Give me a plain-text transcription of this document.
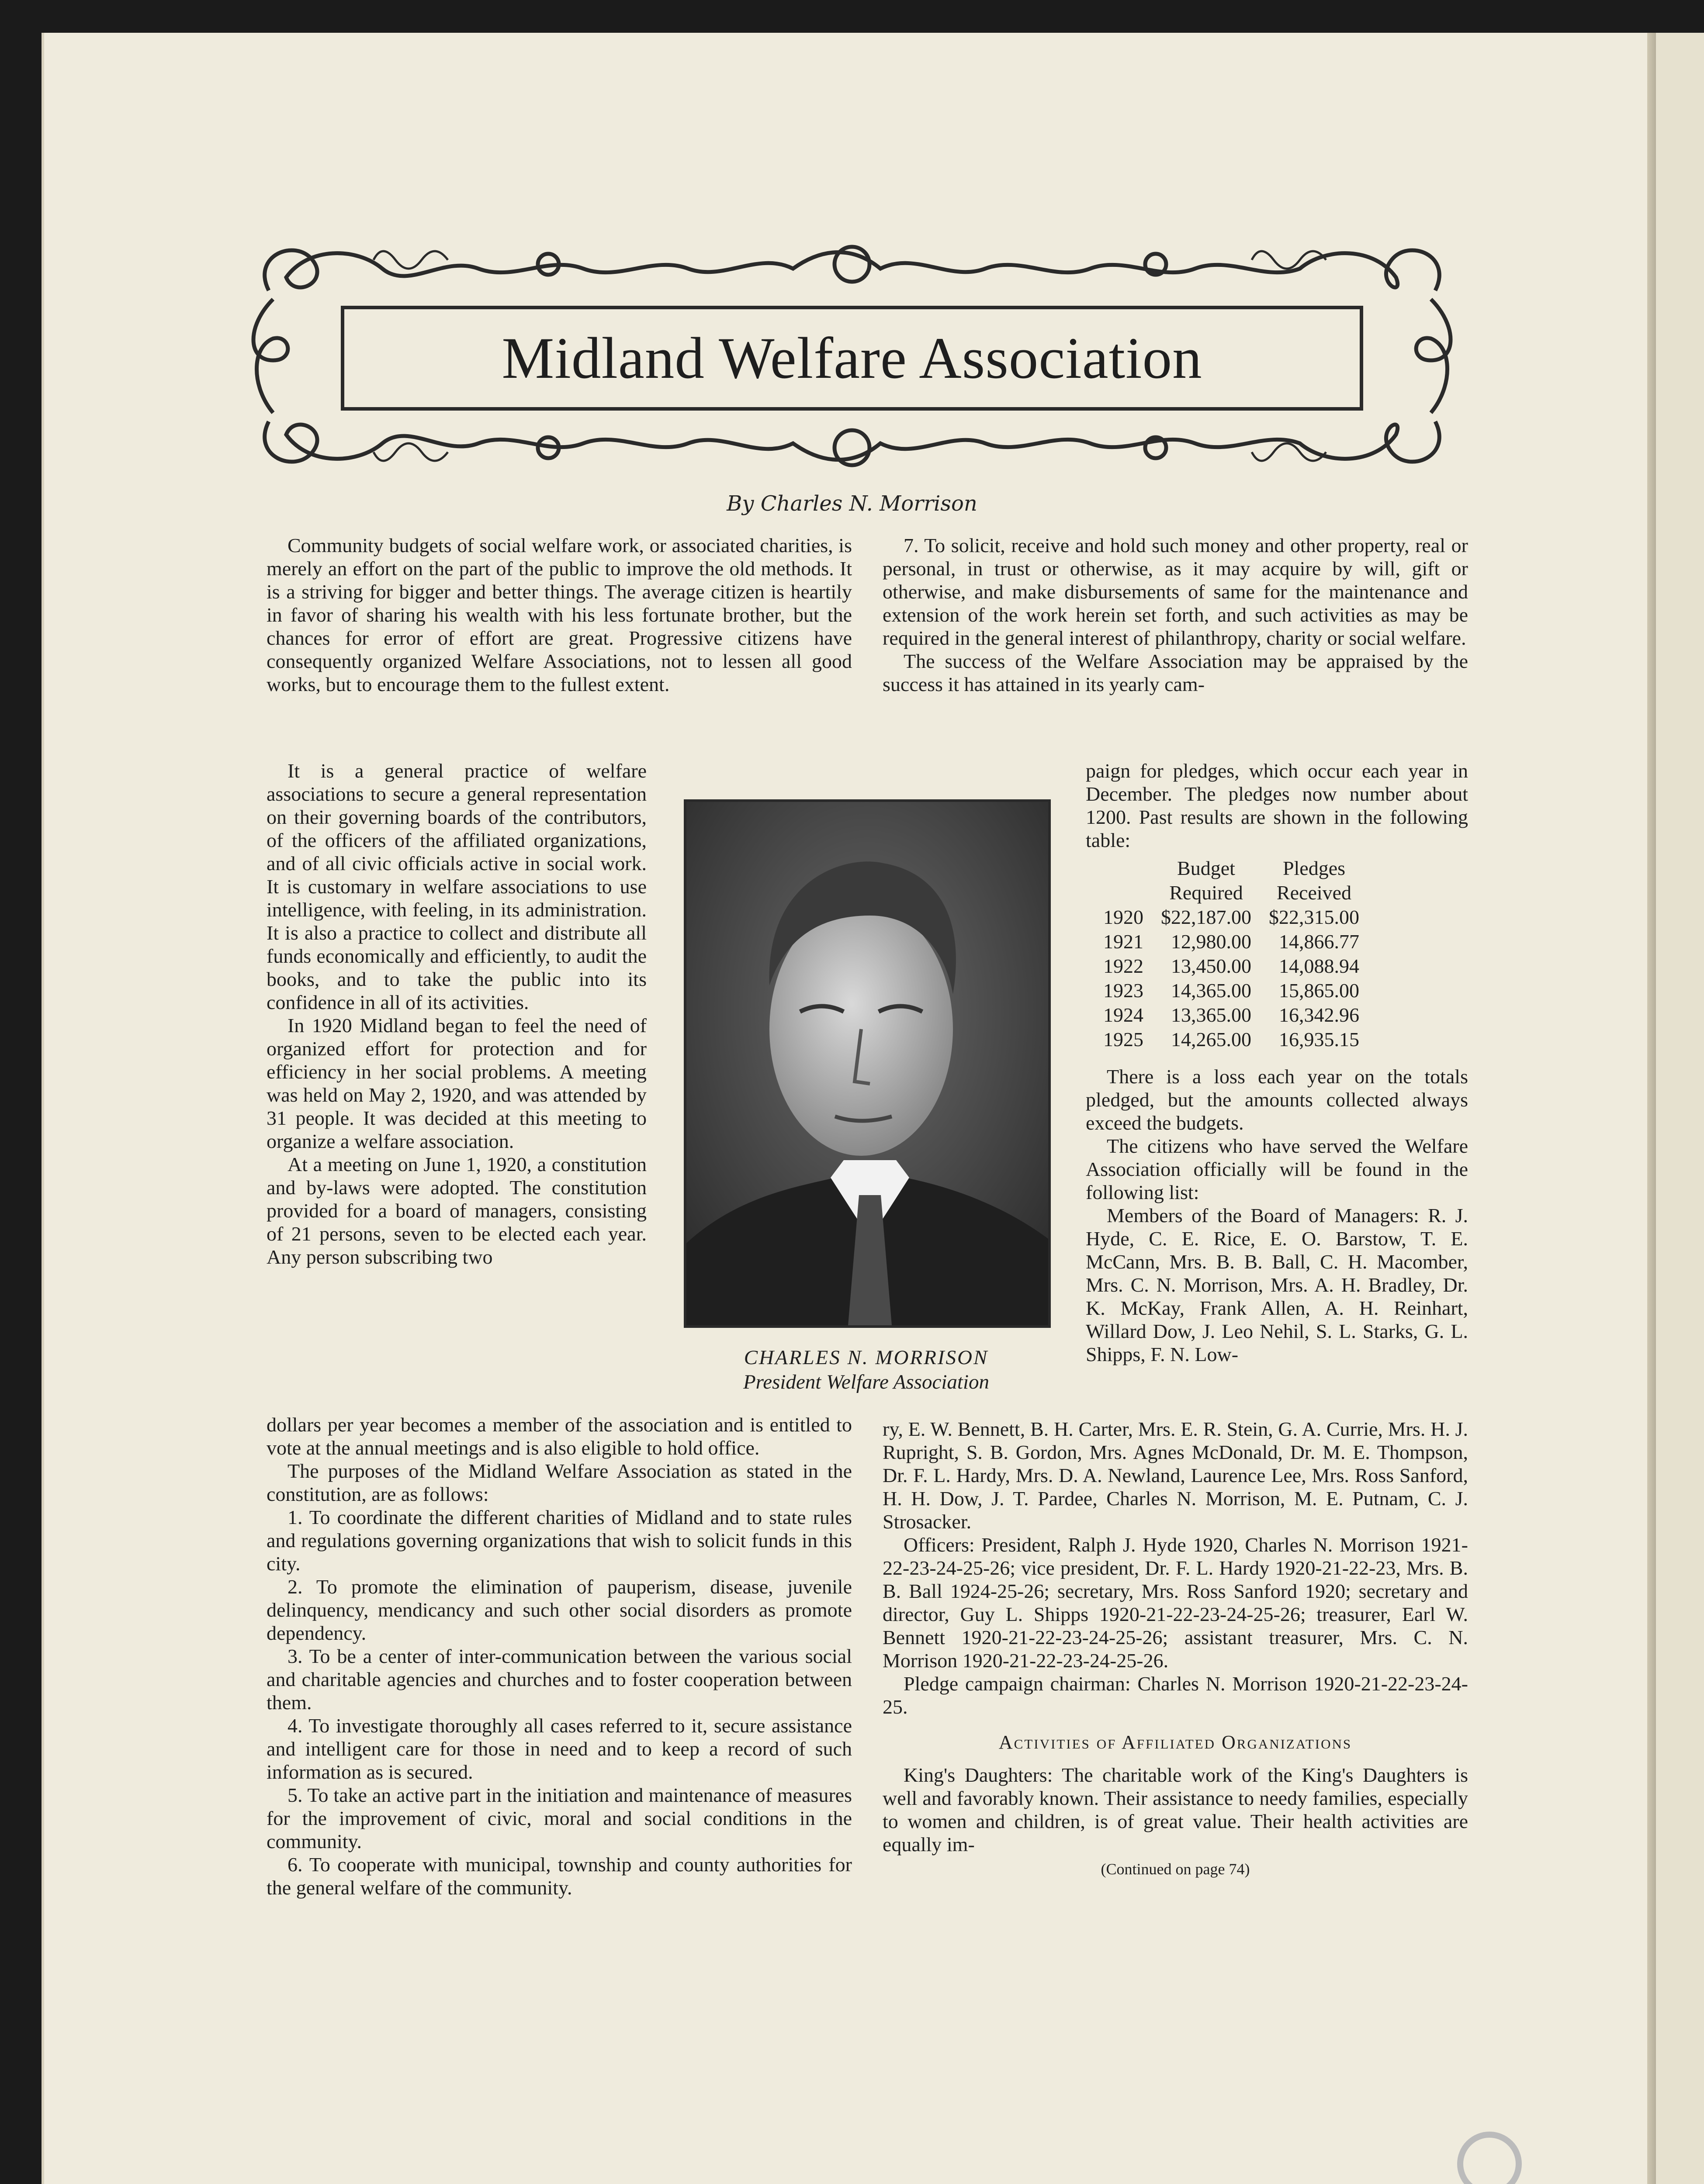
Midland Welfare Association
By Charles N. Morrison

Community budgets of social welfare work, or associated charities, is merely an effort on the part of the public to improve the old methods. It is a striving for bigger and better things. The average citizen is heartily in favor of sharing his wealth with his less fortunate brother, but the chances for error of effort are great. Progressive citizens have consequently organized Welfare Associations, not to lessen all good works, but to encourage them to the fullest extent.

It is a general practice of welfare associations to secure a general representation on their governing boards of the contributors, of the officers of the affiliated organizations, and of all civic officials active in social work. It is customary in welfare associations to use intelligence, with feeling, in its administration. It is also a practice to collect and distribute all funds economically and efficiently, to audit the books, and to take the public into its confidence in all of its activities.

In 1920 Midland began to feel the need of organized effort for protection and for efficiency in her social problems. A meeting was held on May 2, 1920, and was attended by 31 people. It was decided at this meeting to organize a welfare association.

At a meeting on June 1, 1920, a constitution and by-laws were adopted. The constitution provided for a board of managers, consisting of 21 persons, seven to be elected each year. Any person subscribing two

dollars per year becomes a member of the association and is entitled to vote at the annual meetings and is also eligible to hold office.

The purposes of the Midland Welfare Association as stated in the constitution, are as follows:

1. To coordinate the different charities of Midland and to state rules and regulations governing organizations that wish to solicit funds in this city.

2. To promote the elimination of pauperism, disease, juvenile delinquency, mendicancy and such other social disorders as promote dependency.

3. To be a center of inter-communication between the various social and charitable agencies and churches and to foster cooperation between them.

4. To investigate thoroughly all cases referred to it, secure assistance and intelligent care for those in need and to keep a record of such information as is secured.

5. To take an active part in the initiation and maintenance of measures for the improvement of civic, moral and social conditions in the community.

6. To cooperate with municipal, township and county authorities for the general welfare of the community.

CHARLES N. MORRISON
President Welfare Association

7. To solicit, receive and hold such money and other property, real or personal, in trust or otherwise, as it may acquire by will, gift or otherwise, and make disbursements of same for the maintenance and extension of the work herein set forth, and such activities as may be required in the general interest of philanthropy, charity or social welfare.

The success of the Welfare Association may be appraised by the success it has attained in its yearly cam-

paign for pledges, which occur each year in December. The pledges now number about 1200. Past results are shown in the following table:

	Budget	Pledges
	Required	Received
1920	$22,187.00	$22,315.00
1921	12,980.00	14,866.77
1922	13,450.00	14,088.94
1923	14,365.00	15,865.00
1924	13,365.00	16,342.96
1925	14,265.00	16,935.15

There is a loss each year on the totals pledged, but the amounts collected always exceed the budgets.

The citizens who have served the Welfare Association officially will be found in the following list:

Members of the Board of Managers: R. J. Hyde, C. E. Rice, E. O. Barstow, T. E. McCann, Mrs. B. B. Ball, C. H. Macomber, Mrs. C. N. Morrison, Mrs. A. H. Bradley, Dr. K. McKay, Frank Allen, A. H. Reinhart, Willard Dow, J. Leo Nehil, S. L. Starks, G. L. Shipps, F. N. Low-

ry, E. W. Bennett, B. H. Carter, Mrs. E. R. Stein, G. A. Currie, Mrs. H. J. Rupright, S. B. Gordon, Mrs. Agnes McDonald, Dr. M. E. Thompson, Dr. F. L. Hardy, Mrs. D. A. Newland, Laurence Lee, Mrs. Ross Sanford, H. H. Dow, J. T. Pardee, Charles N. Morrison, M. E. Putnam, C. J. Strosacker.

Officers: President, Ralph J. Hyde 1920, Charles N. Morrison 1921-22-23-24-25-26; vice president, Dr. F. L. Hardy 1920-21-22-23, Mrs. B. B. Ball 1924-25-26; secretary, Mrs. Ross Sanford 1920; secretary and director, Guy L. Shipps 1920-21-22-23-24-25-26; treasurer, Earl W. Bennett 1920-21-22-23-24-25-26; assistant treasurer, Mrs. C. N. Morrison 1920-21-22-23-24-25-26.

Pledge campaign chairman: Charles N. Morrison 1920-21-22-23-24-25.

Activities of Affiliated Organizations

King's Daughters: The charitable work of the King's Daughters is well and favorably known. Their assistance to needy families, especially to women and children, is of great value. Their health activities are equally im-

(Continued on page 74)
